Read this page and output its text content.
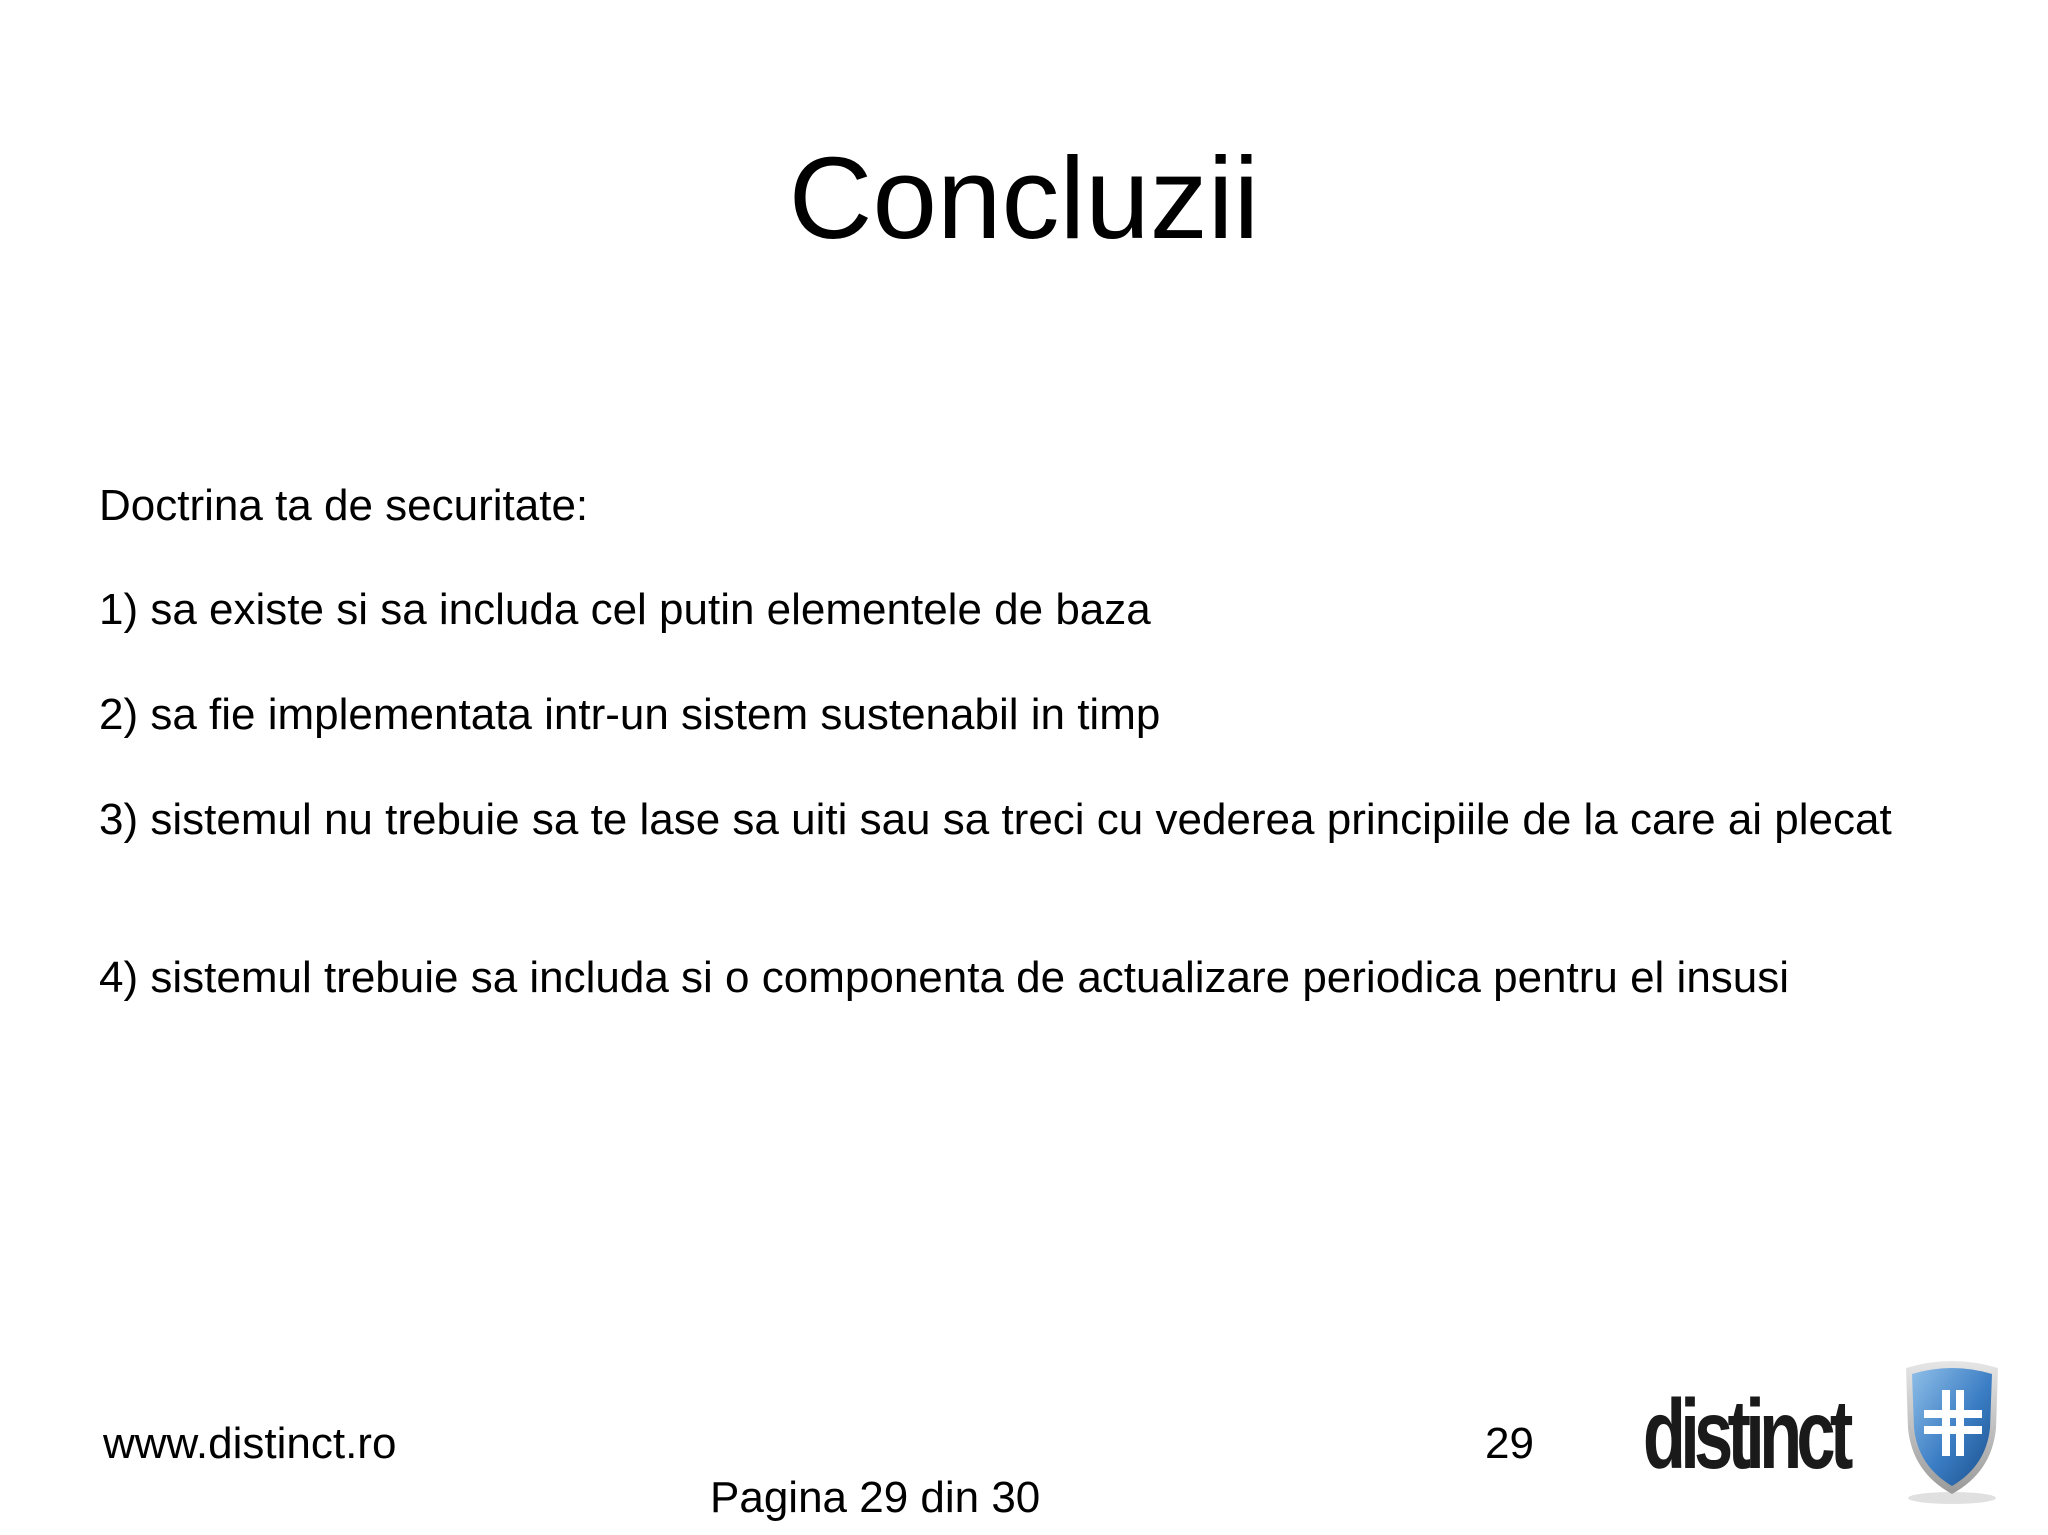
Concluzii
Doctrina ta de securitate:
1) sa existe si sa includa cel putin elementele de baza
2) sa fie implementata intr-un sistem sustenabil in timp
3) sistemul nu trebuie sa te lase sa uiti sau sa treci cu vederea principiile de la care ai plecat
4) sistemul trebuie sa includa si o componenta de actualizare periodica pentru el insusi
www.distinct.ro	29
Pagina 29 din 30
distinct
